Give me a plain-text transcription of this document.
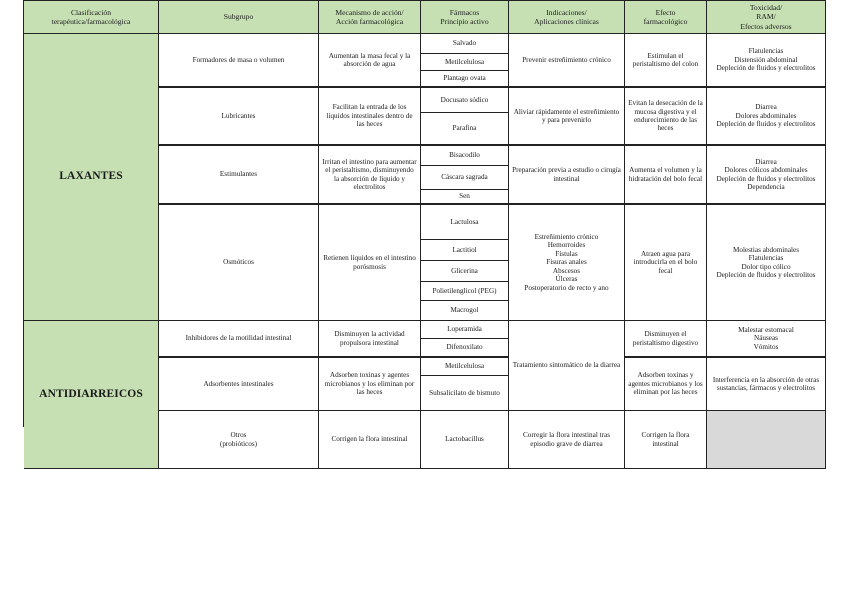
Clasificación
terapéutica/farmacológica
Subgrupo
Mecanismo de acción/
Acción farmacológica
Fármacos
Principio activo
Indicaciones/
Aplicaciones clínicas
Efecto
farmacológico
Toxicidad/
RAM/
Efectos adversos
LAXANTES
Formadores de masa o volumen
Aumentan la masa fecal y la absorción de agua
Salvado
Metilcelulosa
Plantago ovata
Prevenir estreñimiento crónico
Estimulan el peristaltismo del colon
Flatulencias
Distensión abdominal
Depleción de fluidos y electrolitos
Lubricantes
Facilitan la entrada de los líquidos intestinales dentro de las heces
Docusato sódico
Parafina
Aliviar rápidamente el estreñimiento y para prevenirlo
Evitan la desecación de la mucosa digestiva y el endurecimiento de las heces
Diarrea
Dolores abdominales
Depleción de fluidos y electrolitos
Estimulantes
Irritan el intestino para aumentar el peristaltismo, disminuyendo la absorción de líquido y electrolitos
Bisacodilo
Cáscara sagrada
Sen
Preparación previa a estudio o cirugía intestinal
Aumenta el volumen y la hidratación del bolo fecal
Diarrea
Dolores cólicos abdominales
Depleción de fluidos y electrolitos
Dependencia
Osmóticos
Retienen líquidos en el intestino porósmosis
Lactulosa
Lactitiol
Glicerina
Polietilenglicol (PEG)
Macrogol
Estreñimiento crónico
Hemorroides
Fístulas
Fisuras anales
Abscesos
Úlceras
Postoperatorio de recto y ano
Atraen agua para introducirla en el bolo fecal
Molestias abdominales
Flatulencias
Dolor tipo cólico
Depleción de fluidos y electrolitos
ANTIDIARREICOS
Inhibidores de la motilidad intestinal
Disminuyen la actividad propulsora intestinal
Loperamida
Difenoxilato
Tratamiento sintomático de la diarrea
Disminuyen el peristaltismo digestivo
Malestar estomacal
Náuseas
Vómitos
Adsorbentes intestinales
Adsorben toxinas y agentes microbianos y los eliminan por las heces
Metilcelulosa
Subsalicilato de bismuto
Adsorben toxinas y agentes microbianos y los eliminan por las heces
Interferencia en la absorción de otras sustancias, fármacos y electrolitos
Otros
(probióticos)
Corrigen la flora intestinal	Lactobacillus
Corregir la flora intestinal tras episodio grave de diarrea
Corrigen la flora intestinal
